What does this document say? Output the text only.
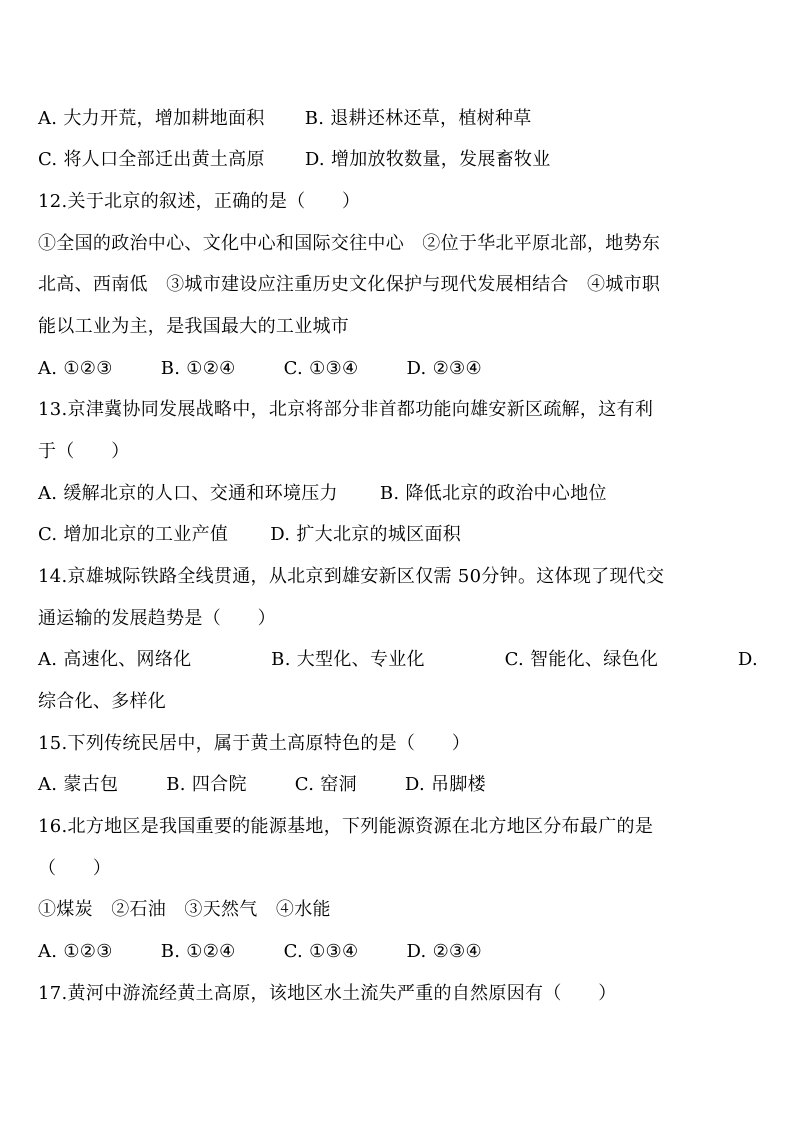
A. 大力开荒，增加耕地面积 B. 退耕还林还草，植树种草
C. 将人口全部迁出黄土高原 D. 增加放牧数量，发展畜牧业
12.关于北京的叙述，正确的是（　　）
①全国的政治中心、文化中心和国际交往中心　②位于华北平原北部，地势东
北高、西南低　③城市建设应注重历史文化保护与现代发展相结合　④城市职
能以工业为主，是我国最大的工业城市
A. ①②③	B. ①②④	C. ①③④	D. ②③④
13.京津冀协同发展战略中，北京将部分非首都功能向雄安新区疏解，这有利
于（　　）
A. 缓解北京的人口、交通和环境压力 B. 降低北京的政治中心地位
C. 增加北京的工业产值 D. 扩大北京的城区面积
14.京雄城际铁路全线贯通，从北京到雄安新区仅需 50分钟。这体现了现代交
通运输的发展趋势是（　　）
A. 高速化、网络化	B. 大型化、专业化	C. 智能化、绿色化	D.
综合化、多样化
15.下列传统民居中，属于黄土高原特色的是（　　）
A. 蒙古包	B. 四合院	C. 窑洞	D. 吊脚楼
16.北方地区是我国重要的能源基地，下列能源资源在北方地区分布最广的是
（　　）
①煤炭　②石油　③天然气　④水能
A. ①②③	B. ①②④	C. ①③④	D. ②③④
17.黄河中游流经黄土高原，该地区水土流失严重的自然原因有（　　）
